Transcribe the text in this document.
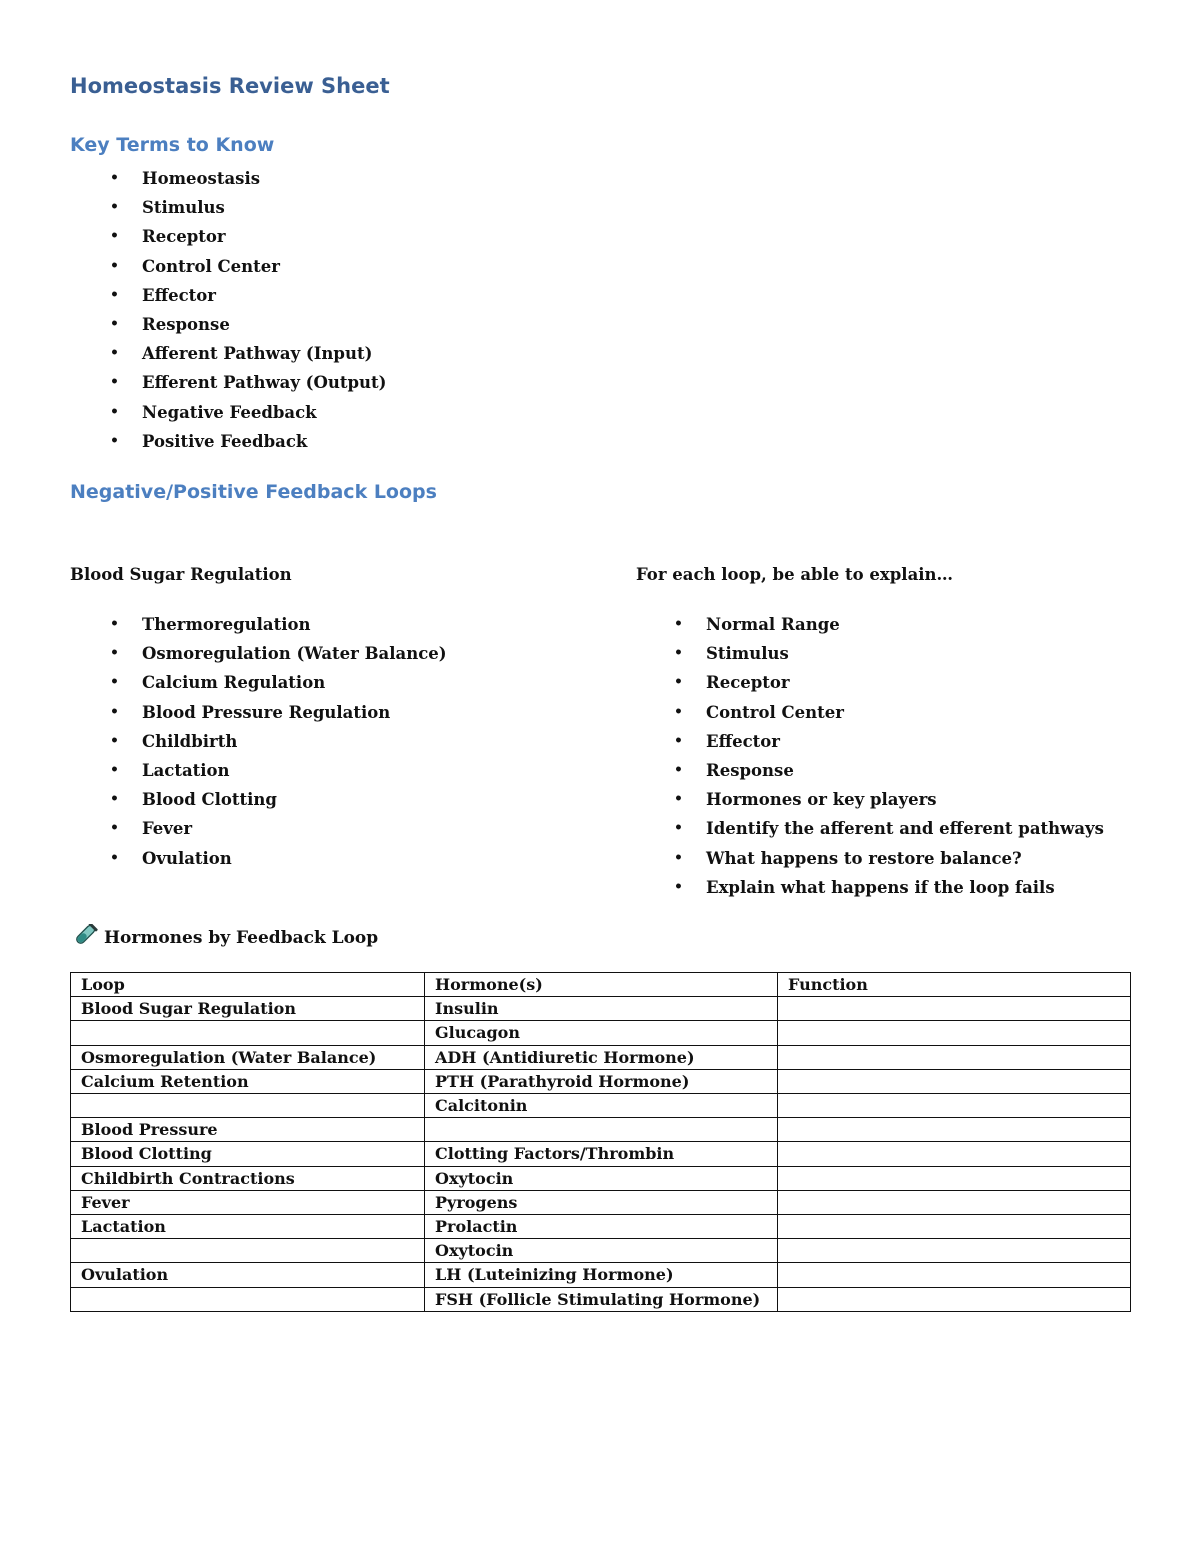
Homeostasis Review Sheet
Key Terms to Know
• Homeostasis
• Stimulus
• Receptor
• Control Center
• Effector
• Response
• Afferent Pathway (Input)
• Efferent Pathway (Output)
• Negative Feedback
• Positive Feedback
Negative/Positive Feedback Loops
Blood Sugar Regulation
• Thermoregulation
• Osmoregulation (Water Balance)
• Calcium Regulation
• Blood Pressure Regulation
• Childbirth
• Lactation
• Blood Clotting
• Fever
• Ovulation
For each loop, be able to explain…
• Normal Range
• Stimulus
• Receptor
• Control Center
• Effector
• Response
• Hormones or key players
• Identify the afferent and efferent pathways
• What happens to restore balance?
• Explain what happens if the loop fails
Hormones by Feedback Loop
Loop	Hormone(s)	Function
Blood Sugar Regulation	Insulin	
	Glucagon	
Osmoregulation (Water Balance)	ADH (Antidiuretic Hormone)	
Calcium Retention	PTH (Parathyroid Hormone)	
	Calcitonin	
Blood Pressure		
Blood Clotting	Clotting Factors/Thrombin	
Childbirth Contractions	Oxytocin	
Fever	Pyrogens	
Lactation	Prolactin	
	Oxytocin	
Ovulation	LH (Luteinizing Hormone)	
	FSH (Follicle Stimulating Hormone)	
